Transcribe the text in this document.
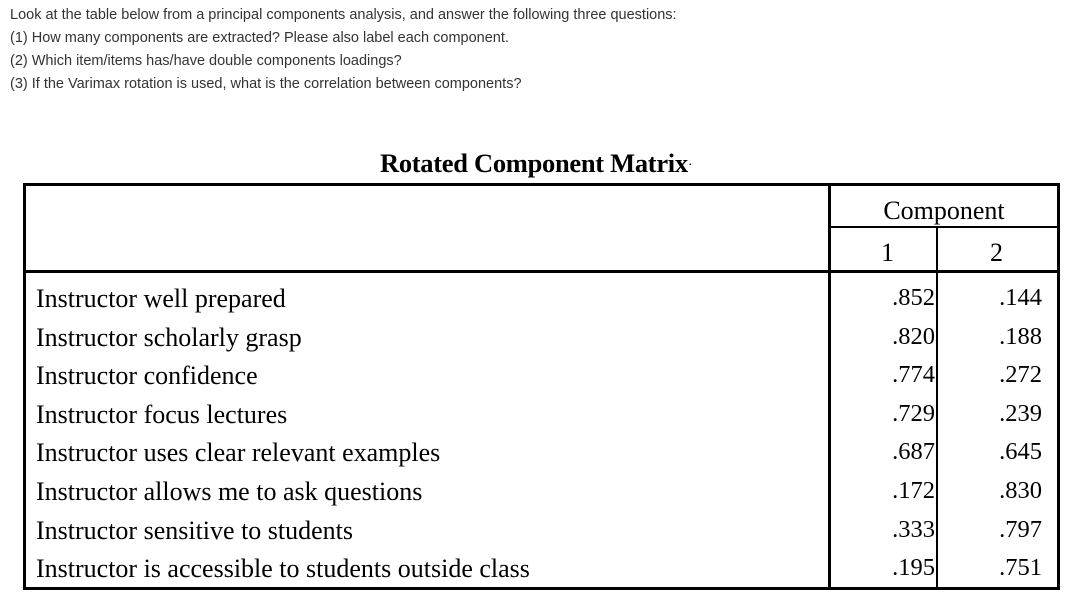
Look at the table below from a principal components analysis, and answer the following three questions:
(1) How many components are extracted? Please also label each component.
(2) Which item/items has/have double components loadings?
(3) If the Varimax rotation is used, what is the correlation between components?
Rotated Component Matrix·
Component
1	2
Instructor well prepared	.852	.144
Instructor scholarly grasp	.820	.188
Instructor confidence	.774	.272
Instructor focus lectures	.729	.239
Instructor uses clear relevant examples	.687	.645
Instructor allows me to ask questions	.172	.830
Instructor sensitive to students	.333	.797
Instructor is accessible to students outside class	.195	.751
